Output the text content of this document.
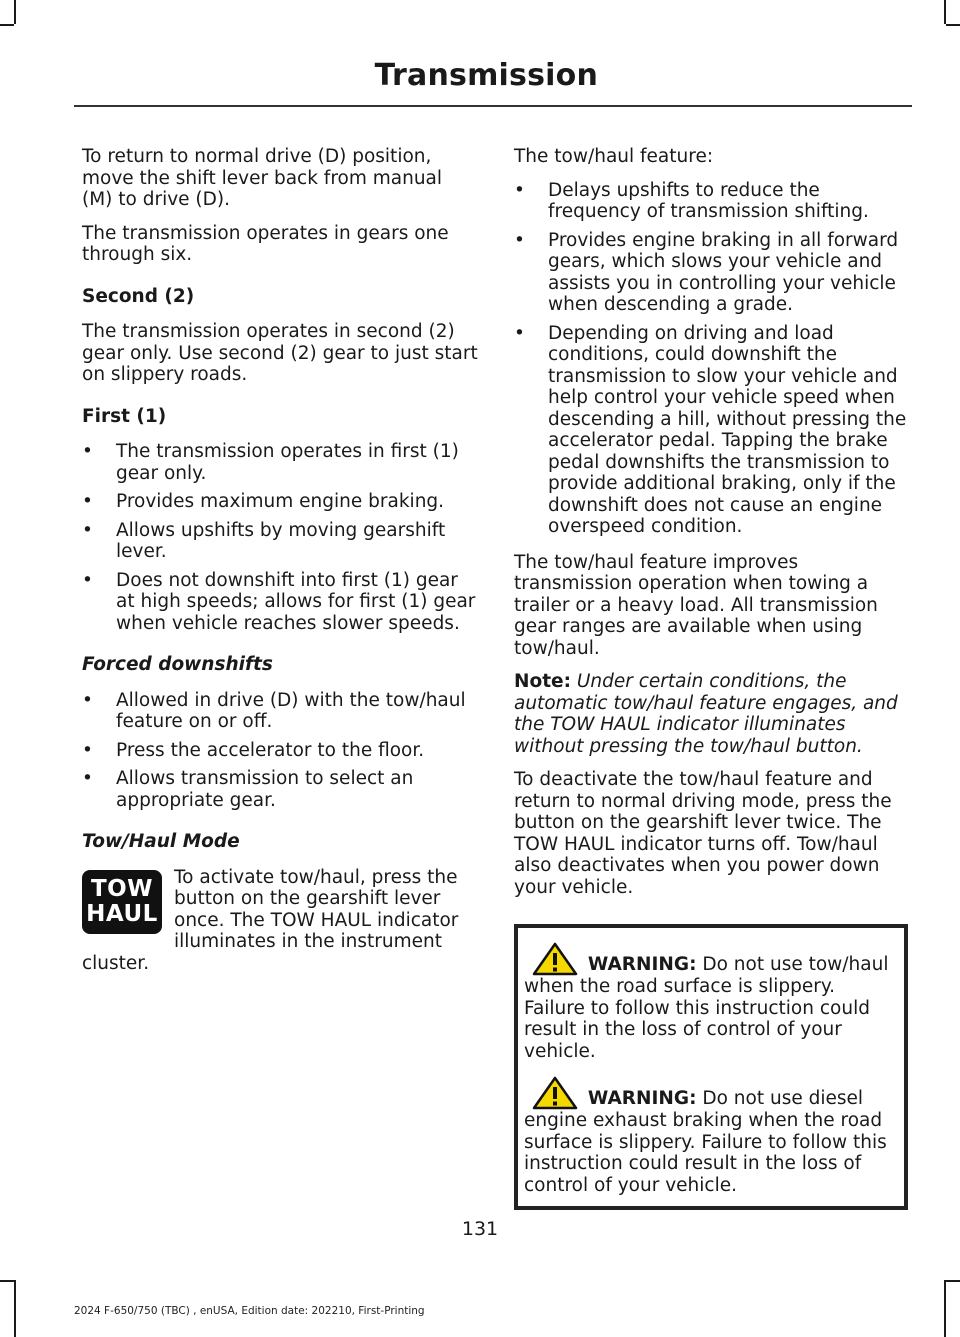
Transmission

To return to normal drive (D) position, move the shift lever back from manual (M) to drive (D).

The transmission operates in gears one through six.

Second (2)

The transmission operates in second (2) gear only. Use second (2) gear to just start on slippery roads.

First (1)
• The transmission operates in first (1) gear only.
• Provides maximum engine braking.
• Allows upshifts by moving gearshift lever.
• Does not downshift into first (1) gear at high speeds; allows for first (1) gear when vehicle reaches slower speeds.
Forced downshifts
• Allowed in drive (D) with the tow/haul feature on or off.
• Press the accelerator to the floor.
• Allows transmission to select an appropriate gear.
Tow/Haul Mode
TOW
HAUL
To activate tow/haul, press the button on the gearshift lever once. The TOW HAUL indicator illuminates in the instrument cluster.

The tow/haul feature:

• Delays upshifts to reduce the frequency of transmission shifting.
• Provides engine braking in all forward gears, which slows your vehicle and assists you in controlling your vehicle when descending a grade.
• Depending on driving and load conditions, could downshift the transmission to slow your vehicle and help control your vehicle speed when descending a hill, without pressing the accelerator pedal. Tapping the brake pedal downshifts the transmission to provide additional braking, only if the downshift does not cause an engine overspeed condition.

The tow/haul feature improves transmission operation when towing a trailer or a heavy load. All transmission gear ranges are available when using tow/haul.

Note: Under certain conditions, the automatic tow/haul feature engages, and the TOW HAUL indicator illuminates without pressing the tow/haul button.

To deactivate the tow/haul feature and return to normal driving mode, press the button on the gearshift lever twice. The TOW HAUL indicator turns off. Tow/haul also deactivates when you power down your vehicle.

WARNING: Do not use tow/haul when the road surface is slippery. Failure to follow this instruction could result in the loss of control of your vehicle.
WARNING: Do not use diesel engine exhaust braking when the road surface is slippery. Failure to follow this instruction could result in the loss of control of your vehicle.
131
2024 F-650/750 (TBC) , enUSA, Edition date: 202210, First-Printing
